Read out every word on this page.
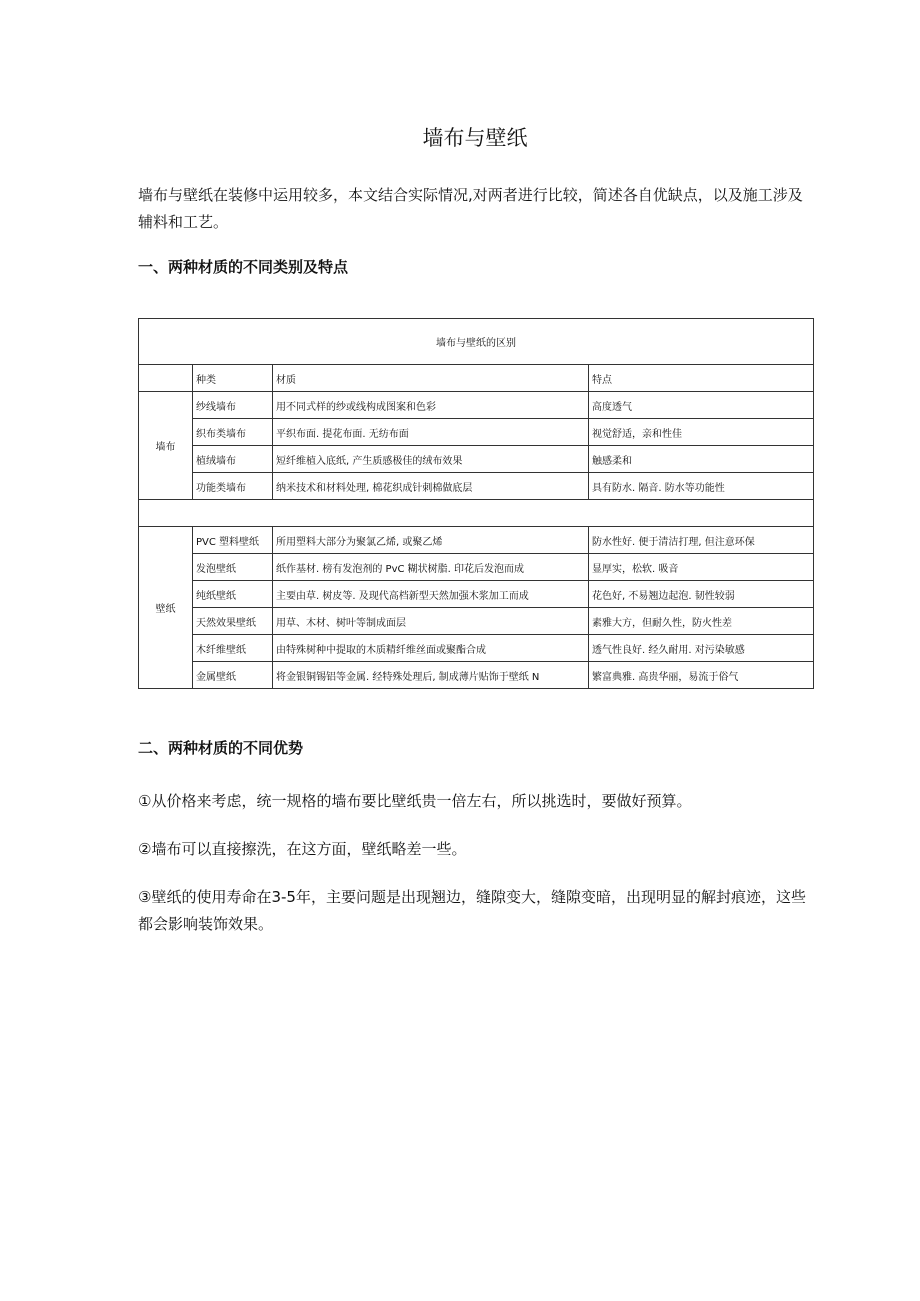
墙布与壁纸

墙布与壁纸在装修中运用较多，本文结合实际情况,对两者进行比较，简述各自优缺点，以及施工涉及辅料和工艺。

一、两种材质的不同类别及特点
墙布与壁纸的区别			
	种类	材质	特点
墙布	纱线墙布	用不同式样的纱或线构成图案和色彩	高度透气
	织布类墙布	平织布面. 提花布面. 无纺布面	视觉舒适，亲和性佳
	植绒墙布	短纤维植入底纸, 产生质感极佳的绒布效果	触感柔和
	功能类墙布	纳米技术和材料处理, 棉花织成针刺棉做底层	具有防水. 隔音. 防水等功能性

壁纸	PVC 塑料壁纸	所用塑料大部分为聚氯乙烯, 或聚乙烯	防水性好. 便于清洁打理, 但注意环保
	发泡壁纸	纸作基材. 榜有发泡剂的 PvC 糊状树脂. 印花后发泡而成	显厚实，松软. 吸音
	纯纸壁纸	主要由草. 树皮等. 及现代高档新型天然加强木浆加工而成	花色好, 不易翘边起泡. 韧性较弱
	天然效果壁纸	用草、木材、树叶等制成面层	素雅大方，但耐久性，防火性差
	木纤维壁纸	由特殊树种中提取的木质精纤维丝面或聚酯合成	透气性良好. 经久耐用. 对污染敏感
	金属壁纸	将金银铜锡铝等金属. 经特殊处理后, 制成薄片贴饰于壁纸 N	繁富典雅. 高贵华丽，易流于俗气
二、两种材质的不同优势

①从价格来考虑，统一规格的墙布要比壁纸贵一倍左右，所以挑选时，要做好预算。

②墙布可以直接擦洗，在这方面，壁纸略差一些。

③壁纸的使用寿命在3-5年，主要问题是出现翘边，缝隙变大，缝隙变暗，出现明显的解封痕迹，这些都会影响装饰效果。
